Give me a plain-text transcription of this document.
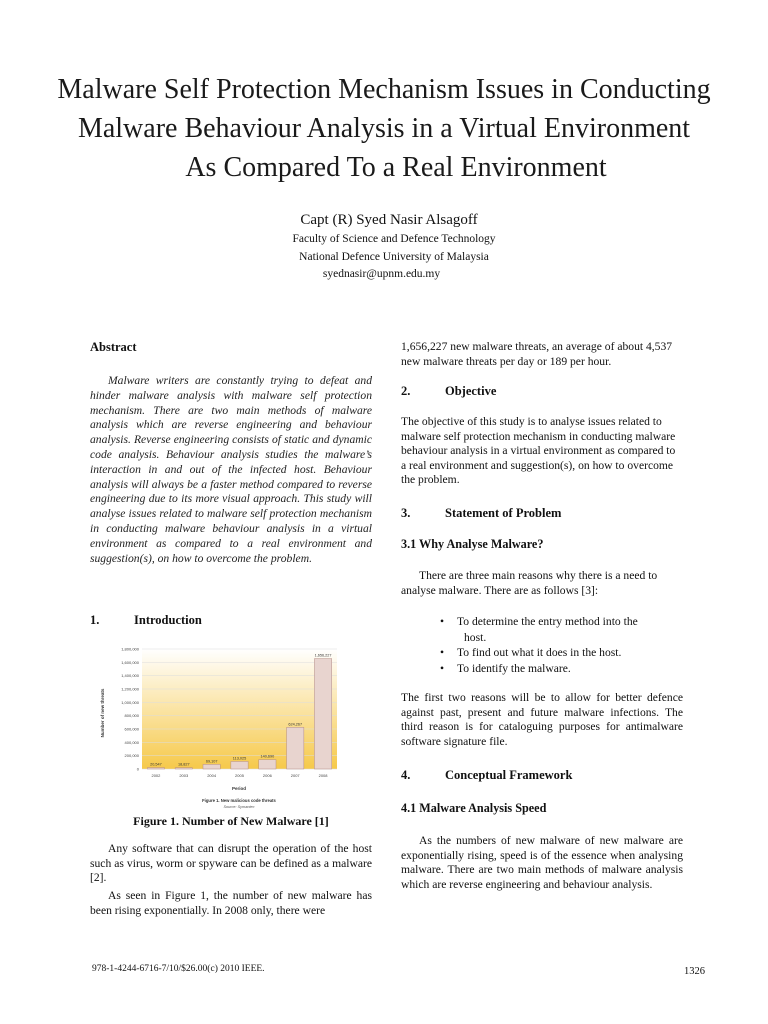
Malware Self Protection Mechanism Issues in Conducting
Malware Behaviour Analysis in a Virtual Environment
As Compared To a Real Environment
Capt (R) Syed Nasir Alsagoff
Faculty of Science and Defence Technology
National Defence University of Malaysia
syednasir@upnm.edu.my
Abstract
Malware writers are constantly trying to defeat and hinder malware analysis with malware self protection mechanism. There are two main methods of malware analysis which are reverse engineering and behaviour analysis. Reverse engineering consists of static and dynamic code analysis. Behaviour analysis studies the malware’s interaction in and out of the infected host. Behaviour analysis will always be a faster method compared to reverse engineering due to its more visual approach. This study will analyse issues related to malware self protection mechanism in conducting malware behaviour analysis in a virtual environment as compared to a real environment and suggestion(s), on how to overcome the problem.
1.	Introduction
20,547	18,827
69,107
113,025	140,690
624,267
1,656,227
0
200,000
400,000
600,000
800,000
1,000,000
1,200,000
1,400,000
1,600,000
1,800,000
2002	2003	2004	2005	2006	2007	2008
Number of new threats
Period
Figure 1. New malicious code threats
Source: Symantec
Figure 1. Number of New Malware [1]
Any software that can disrupt the operation of the host such as virus, worm or spyware can be defined as a malware [2].
As seen in Figure 1, the number of new malware has been rising exponentially. In 2008 only, there were
1,656,227 new malware threats, an average of about 4,537 new malware threats per day or 189 per hour.
2.	Objective
The objective of this study is to analyse issues related to malware self protection mechanism in conducting malware behaviour analysis in a virtual environment as compared to a real environment and suggestion(s), on how to overcome the problem.
3.	Statement of Problem
3.1 Why Analyse Malware?
There are three main reasons why there is a need to analyse malware. There are as follows [3]:
• To determine the entry method into the
host.
• To find out what it does in the host.
• To identify the malware.
The first two reasons will be to allow for better defence against past, present and future malware infections. The third reason is for cataloguing purposes for antimalware software signature file.
4.	Conceptual Framework
4.1 Malware Analysis Speed
As the numbers of new malware of new malware are exponentially rising, speed is of the essence when analysing malware. There are two main methods of malware analysis which are reverse engineering and behaviour analysis.
978-1-4244-6716-7/10/$26.00(c) 2010 IEEE.	1326
